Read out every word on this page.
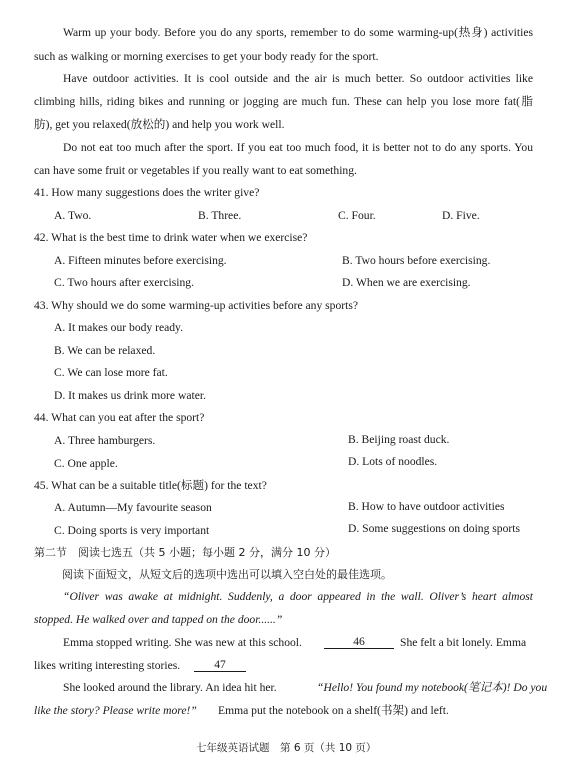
Warm up your body. Before you do any sports, remember to do some warming-up(热身) activities
such as walking or morning exercises to get your body ready for the sport.
Have outdoor activities. It is cool outside and the air is much better. So outdoor activities like
climbing hills, riding bikes and running or jogging are much fun. These can help you lose more fat(脂
肪), get you relaxed(放松的) and help you work well.
Do not eat too much after the sport. If you eat too much food, it is better not to do any sports. You
can have some fruit or vegetables if you really want to eat something.
41. How many suggestions does the writer give?
A. Two.	B. Three.	C. Four.	D. Five.
42. What is the best time to drink water when we exercise?
A. Fifteen minutes before exercising.	B. Two hours before exercising.
C. Two hours after exercising.	D. When we are exercising.
43. Why should we do some warming-up activities before any sports?
A. It makes our body ready.
B. We can be relaxed.
C. We can lose more fat.
D. It makes us drink more water.
44. What can you eat after the sport?
A. Three hamburgers.	B. Beijing roast duck.
C. One apple.	D. Lots of noodles.
45. What can be a suitable title(标题) for the text?
A. Autumn—My favourite season	B. How to have outdoor activities
C. Doing sports is very important	D. Some suggestions on doing sports
第二节　阅读七选五（共 5 小题；每小题 2 分，满分 10 分）
阅读下面短文，从短文后的选项中选出可以填入空白处的最佳选项。
“Oliver was awake at midnight. Suddenly, a door appeared in the wall. Oliver’s heart almost
stopped. He walked over and tapped on the door......”
Emma stopped writing. She was new at this school.	46	She felt a bit lonely. Emma
likes writing interesting stories.	47
She looked around the library. An idea hit her.	“Hello! You found my notebook(笔记本)! Do you
like the story? Please write more!” Emma put the notebook on a shelf(书架) and left.
七年级英语试题　第 6 页（共 10 页）
